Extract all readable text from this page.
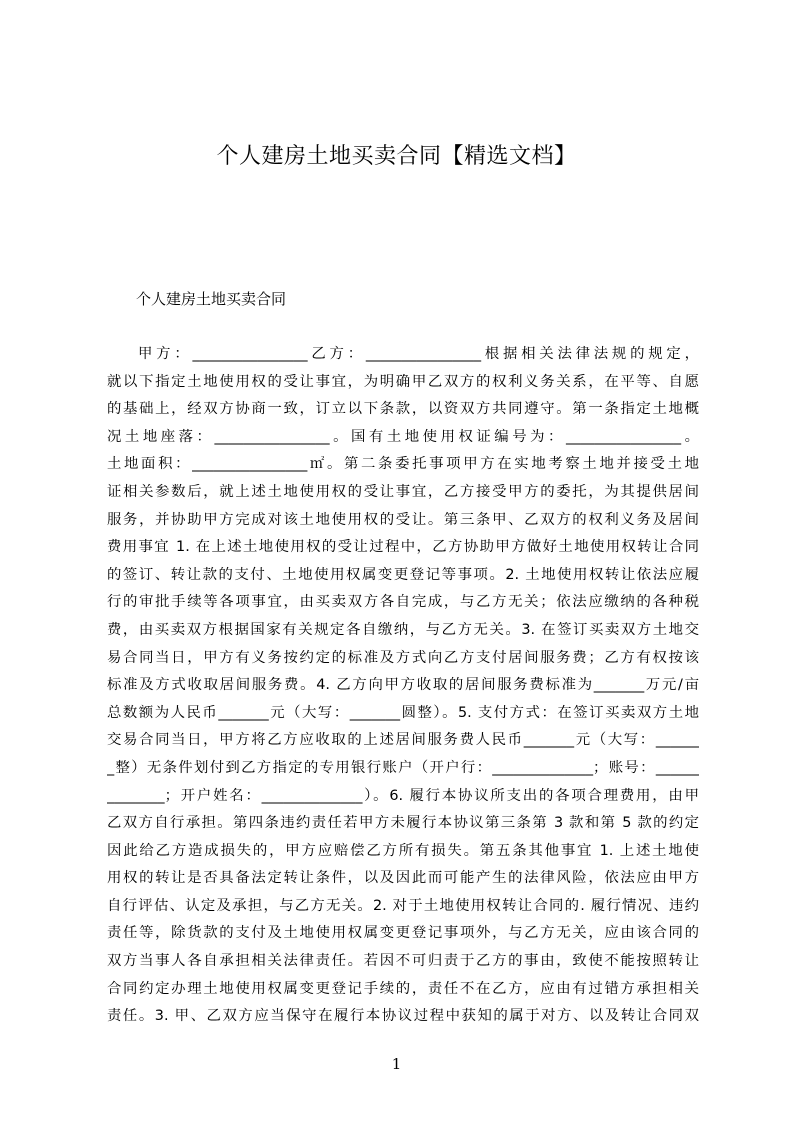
个人建房土地买卖合同【精选文档】
个人建房土地买卖合同
甲方：________________乙方：________________根据相关法律法规的规定，
就以下指定土地使用权的受让事宜，为明确甲乙双方的权利义务关系，在平等、自愿
的基础上，经双方协商一致，订立以下条款，以资双方共同遵守。第一条指定土地概
况土地座落：________________。国有土地使用权证编号为：________________。
土地面积：________________㎡。第二条委托事项甲方在实地考察土地并接受土地
证相关参数后，就上述土地使用权的受让事宜，乙方接受甲方的委托，为其提供居间
服务，并协助甲方完成对该土地使用权的受让。第三条甲、乙双方的权利义务及居间
费用事宜 1. 在上述土地使用权的受让过程中，乙方协助甲方做好土地使用权转让合同
的签订、转让款的支付、土地使用权属变更登记等事项。2. 土地使用权转让依法应履
行的审批手续等各项事宜，由买卖双方各自完成，与乙方无关；依法应缴纳的各种税
费，由买卖双方根据国家有关规定各自缴纳，与乙方无关。3. 在签订买卖双方土地交
易合同当日，甲方有义务按约定的标准及方式向乙方支付居间服务费；乙方有权按该
标准及方式收取居间服务费。4. 乙方向甲方收取的居间服务费标准为_______万元/亩
总数额为人民币_______元（大写：_______圆整）。5. 支付方式：在签订买卖双方土地
交易合同当日，甲方将乙方应收取的上述居间服务费人民币_______元（大写：______
_整）无条件划付到乙方指定的专用银行账户（开户行：______________；账号：______
________；开户姓名：______________）。6. 履行本协议所支出的各项合理费用，由甲
乙双方自行承担。第四条违约责任若甲方未履行本协议第三条第 3 款和第 5 款的约定
因此给乙方造成损失的，甲方应赔偿乙方所有损失。第五条其他事宜 1. 上述土地使
用权的转让是否具备法定转让条件，以及因此而可能产生的法律风险，依法应由甲方
自行评估、认定及承担，与乙方无关。2. 对于土地使用权转让合同的. 履行情况、违约
责任等，除货款的支付及土地使用权属变更登记事项外，与乙方无关，应由该合同的
双方当事人各自承担相关法律责任。若因不可归责于乙方的事由，致使不能按照转让
合同约定办理土地使用权属变更登记手续的，责任不在乙方，应由有过错方承担相关
责任。3. 甲、乙双方应当保守在履行本协议过程中获知的属于对方、以及转让合同双
1
